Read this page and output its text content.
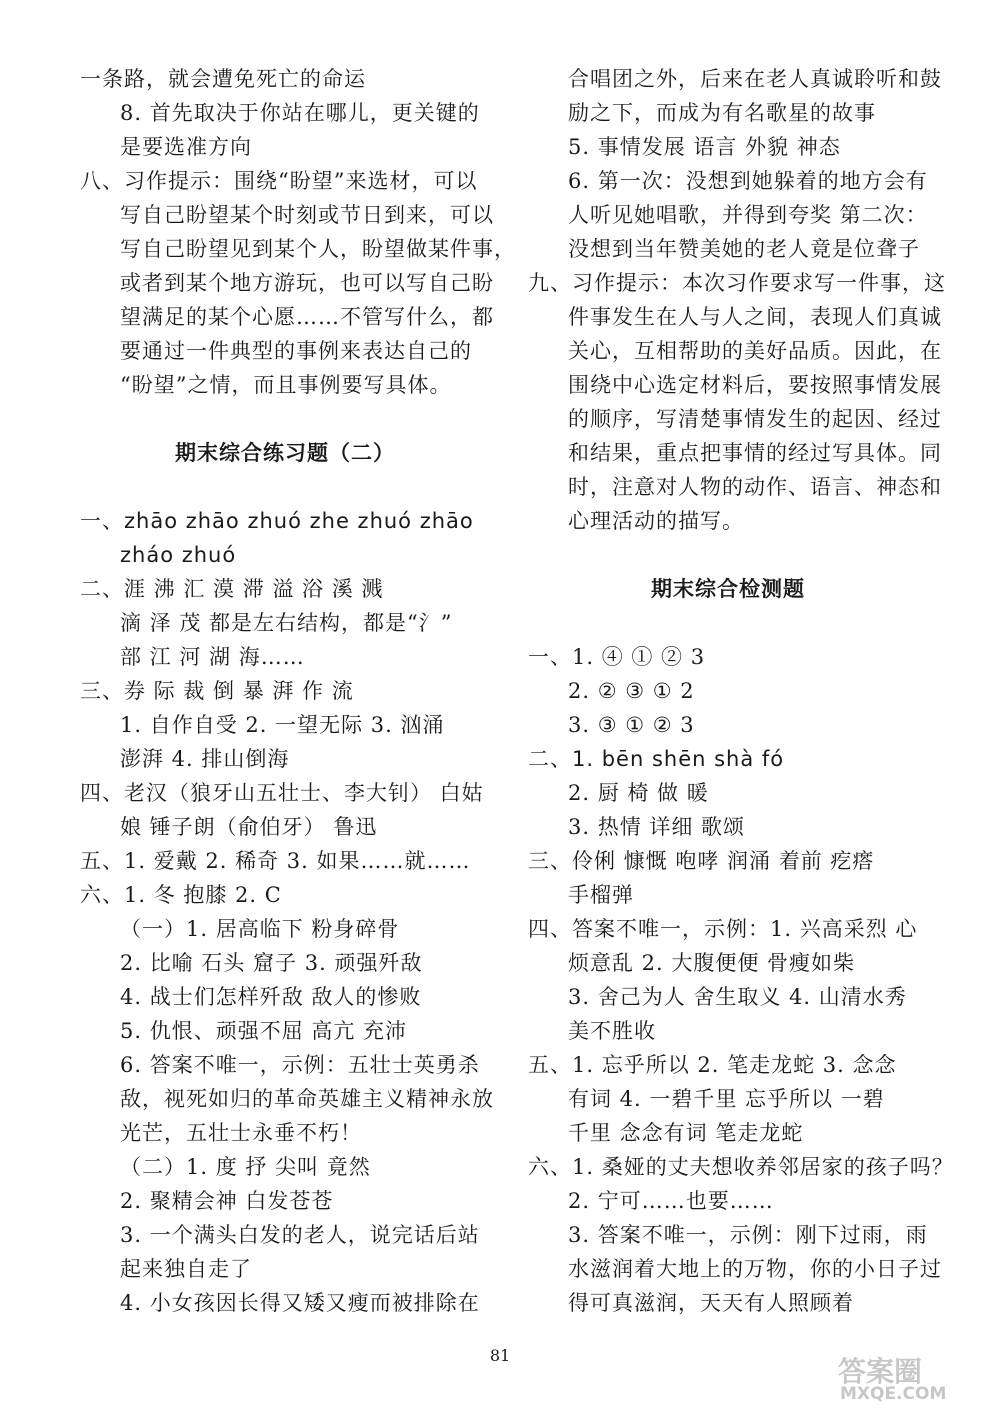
一条路，就会遭免死亡的命运
8. 首先取决于你站在哪儿，更关键的
是要选准方向
八、习作提示：围绕“盼望”来选材，可以
写自己盼望某个时刻或节日到来，可以
写自己盼望见到某个人，盼望做某件事，
或者到某个地方游玩，也可以写自己盼
望满足的某个心愿……不管写什么，都
要通过一件典型的事例来表达自己的
“盼望”之情，而且事例要写具体。

期末综合练习题（二）

一、zhāo zhāo zhuó zhe zhuó zhāo
zháo zhuó
二、涯 沸 汇 漠 滞 溢 浴 溪 溅
滴 泽 茂 都是左右结构，都是“氵”
部 江 河 湖 海……
三、券 际 裁 倒 暴 湃 作 流
1. 自作自受 2. 一望无际 3. 汹涌
澎湃 4. 排山倒海
四、老汉（狼牙山五壮士、李大钊） 白姑
娘 锤子朗（俞伯牙） 鲁迅
五、1. 爱戴 2. 稀奇 3. 如果……就……
六、1. 冬 抱膝 2. C
（一）1. 居高临下 粉身碎骨
2. 比喻 石头 窟子 3. 顽强歼敌
4. 战士们怎样歼敌 敌人的惨败
5. 仇恨、顽强不屈 高亢 充沛
6. 答案不唯一，示例：五壮士英勇杀
敌，视死如归的革命英雄主义精神永放
光芒，五壮士永垂不朽！
（二）1. 度 抒 尖叫 竟然
2. 聚精会神 白发苍苍
3. 一个满头白发的老人，说完话后站
起来独自走了
4. 小女孩因长得又矮又瘦而被排除在
合唱团之外，后来在老人真诚聆听和鼓
励之下，而成为有名歌星的故事
5. 事情发展 语言 外貌 神态
6. 第一次：没想到她躲着的地方会有
人听见她唱歌，并得到夸奖 第二次：
没想到当年赞美她的老人竟是位聋子
九、习作提示：本次习作要求写一件事，这
件事发生在人与人之间，表现人们真诚
关心，互相帮助的美好品质。因此，在
围绕中心选定材料后，要按照事情发展
的顺序，写清楚事情发生的起因、经过
和结果，重点把事情的经过写具体。同
时，注意对人物的动作、语言、神态和
心理活动的描写。

期末综合检测题

一、1. ④ ① ② 3
2. ② ③ ① 2
3. ③ ① ② 3
二、1. bēn shēn shà fó
2. 厨 椅 做 暖
3. 热情 详细 歌颂
三、伶俐 慷慨 咆哮 润涌 着前 疙瘩
手榴弹
四、答案不唯一，示例：1. 兴高采烈 心
烦意乱 2. 大腹便便 骨瘦如柴
3. 舍己为人 舍生取义 4. 山清水秀
美不胜收
五、1. 忘乎所以 2. 笔走龙蛇 3. 念念
有词 4. 一碧千里 忘乎所以 一碧
千里 念念有词 笔走龙蛇
六、1. 桑娅的丈夫想收养邻居家的孩子吗？
2. 宁可……也要……
3. 答案不唯一，示例：刚下过雨，雨
水滋润着大地上的万物，你的小日子过
得可真滋润，天天有人照顾着
81	答案圈
MXQE.COM
